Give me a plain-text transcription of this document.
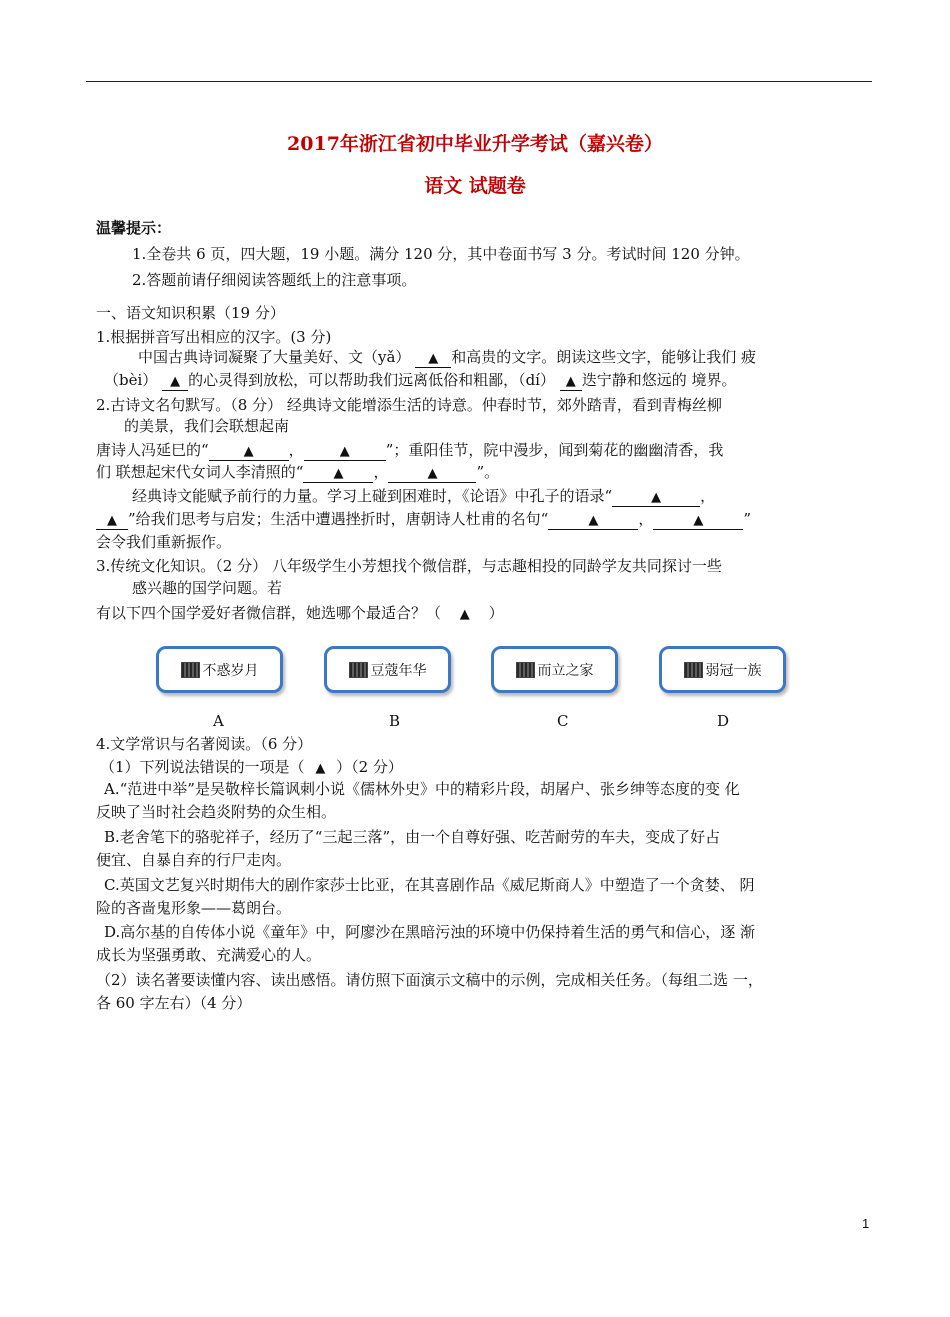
2017年浙江省初中毕业升学考试（嘉兴卷）
语文 试题卷
温馨提示：
1.全卷共 6 页，四大题，19 小题。满分 120 分，其中卷面书写 3 分。考试时间 120 分钟。
2.答题前请仔细阅读答题纸上的注意事项。
一、语文知识积累（19 分）
1.根据拼音写出相应的汉字。(3 分)
中国古典诗词凝聚了大量美好、文（yǎ） ▲ 和高贵的文字。朗读这些文字，能够让我们 疲
（bèi） ▲ 的心灵得到放松，可以帮助我们远离低俗和粗鄙，（dí） ▲ 迭宁静和悠远的 境界。
2.古诗文名句默写。（8 分） 经典诗文能增添生活的诗意。仲春时节，郊外踏青，看到青梅丝柳
的美景，我们会联想起南
唐诗人冯延巳的“	▲ ，	▲ ”；重阳佳节，院中漫步，闻到菊花的幽幽清香，我
们 联想起宋代女词人李清照的“ ▲ ，	▲	”。
经典诗文能赋予前行的力量。学习上碰到困难时，《论语》中孔子的语录“	▲	，
▲ ”给我们思考与启发；生活中遭遇挫折时，唐朝诗人杜甫的名句“	▲	，	▲	”
会令我们重新振作。
3.传统文化知识。（2 分） 八年级学生小芳想找个微信群，与志趣相投的同龄学友共同探讨一些
感兴趣的国学问题。若
有以下四个国学爱好者微信群，她选哪个最适合？（ ▲ ）
不惑岁月	豆蔻年华	而立之家	弱冠一族
A	B	C	D
4.文学常识与名著阅读。（6 分）
（1）下列说法错误的一项是（ ▲ ）（2 分）
A.“范进中举”是吴敬梓长篇讽刺小说《儒林外史》中的精彩片段，胡屠户、张乡绅等态度的变 化
反映了当时社会趋炎附势的众生相。
B.老舍笔下的骆驼祥子，经历了“三起三落”，由一个自尊好强、吃苦耐劳的车夫，变成了好占
便宜、自暴自弃的行尸走肉。
C.英国文艺复兴时期伟大的剧作家莎士比亚，在其喜剧作品《威尼斯商人》中塑造了一个贪婪、 阴
险的吝啬鬼形象——葛朗台。
D.高尔基的自传体小说《童年》中，阿廖沙在黑暗污浊的环境中仍保持着生活的勇气和信心，逐 渐
成长为坚强勇敢、充满爱心的人。
（2）读名著要读懂内容、读出感悟。请仿照下面演示文稿中的示例，完成相关任务。（每组二选 一，
各 60 字左右）（4 分）
1
